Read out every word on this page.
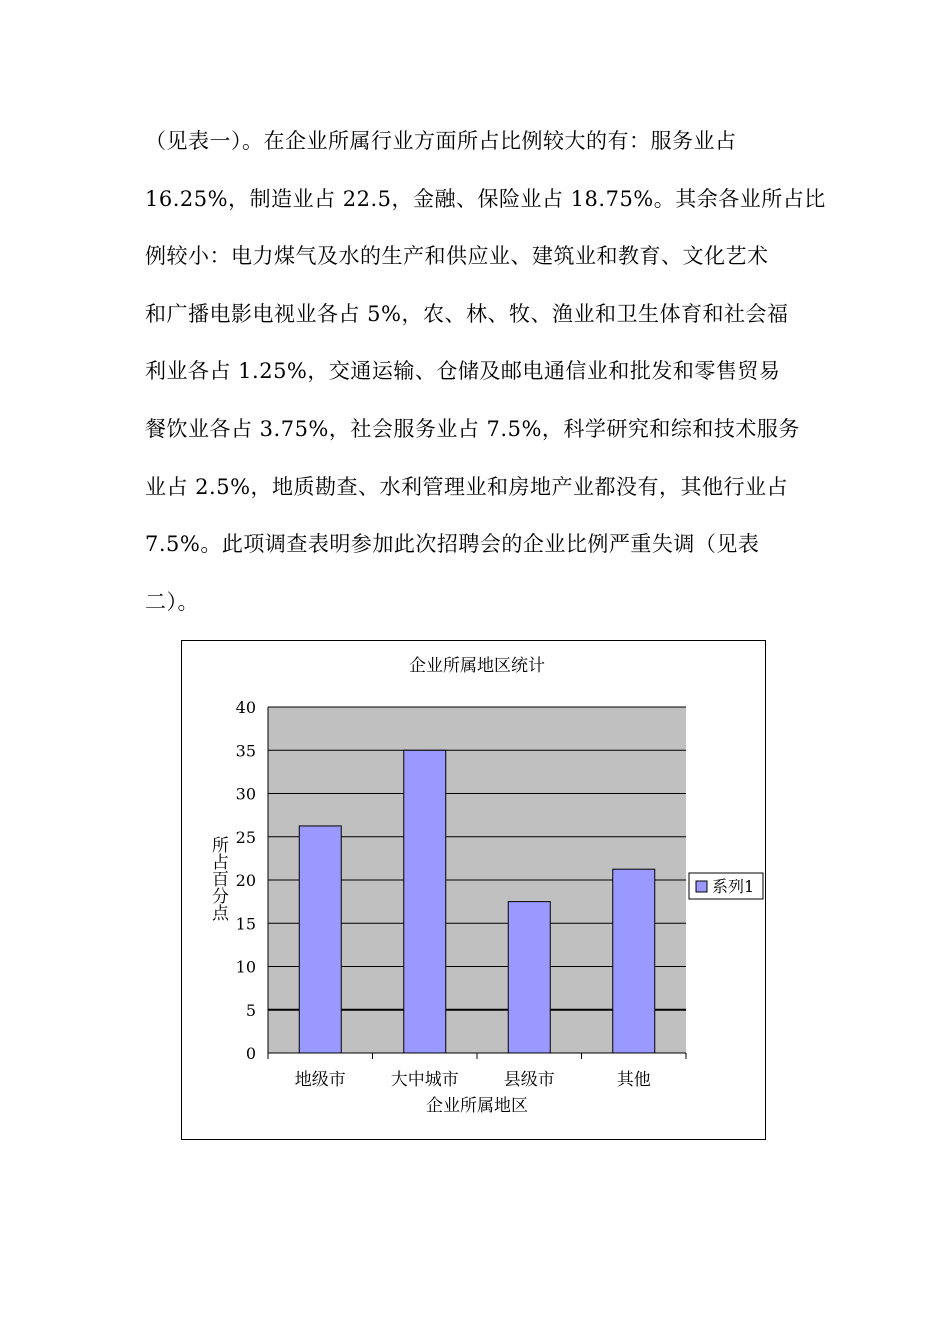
（见表一）。在企业所属行业方面所占比例较大的有：服务业占
16.25%，制造业占 22.5，金融、保险业占 18.75%。其余各业所占比
例较小：电力煤气及水的生产和供应业、建筑业和教育、文化艺术
和广播电影电视业各占 5%，农、林、牧、渔业和卫生体育和社会福
利业各占 1.25%，交通运输、仓储及邮电通信业和批发和零售贸易
餐饮业各占 3.75%，社会服务业占 7.5%，科学研究和综和技术服务
业占 2.5%，地质勘查、水利管理业和房地产业都没有，其他行业占
7.5%。此项调查表明参加此次招聘会的企业比例严重失调（见表
二）。
企业所属地区统计
0
5
10
15
20
25
30
35
40
地级市	大中城市	县级市	其他
企业所属地区
所占百分点	系列1
